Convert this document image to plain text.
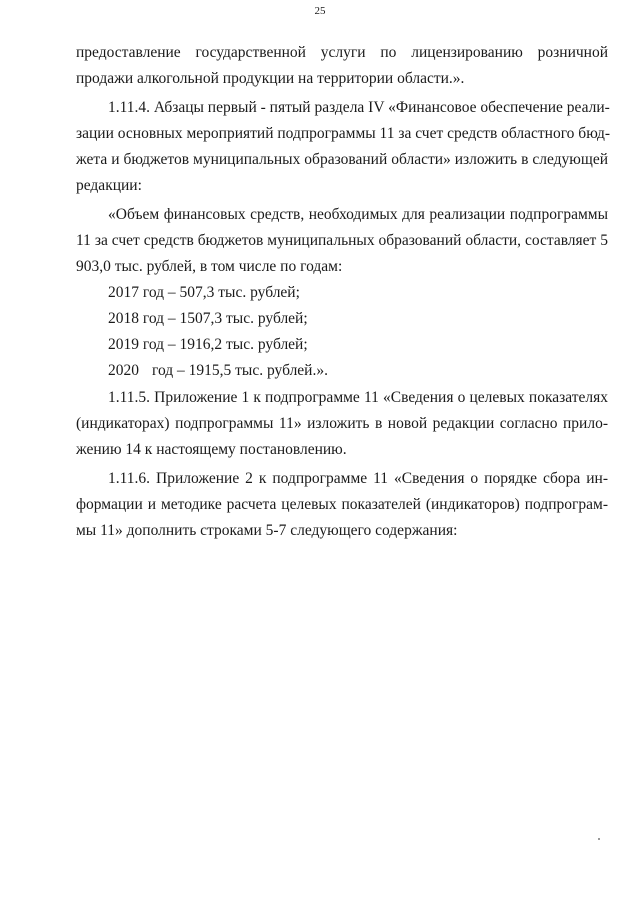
25
предоставление государственной услуги по лицензированию розничной
продажи алкогольной продукции на территории области.».
1.11.4. Абзацы первый - пятый раздела IV «Финансовое обеспечение реали-
зации основных мероприятий подпрограммы 11 за счет средств областного бюд-
жета и бюджетов муниципальных образований области» изложить в следующей
редакции:
«Объем финансовых средств, необходимых для реализации подпрограммы
11 за счет средств бюджетов муниципальных образований области, составляет 5
903,0 тыс. рублей, в том числе по годам:
2017 год – 507,3 тыс. рублей;
2018 год – 1507,3 тыс. рублей;
2019 год – 1916,2 тыс. рублей;
2020 год – 1915,5 тыс. рублей.».
1.11.5. Приложение 1 к подпрограмме 11 «Сведения о целевых показателях
(индикаторах) подпрограммы 11» изложить в новой редакции согласно прило-
жению 14 к настоящему постановлению.
1.11.6. Приложение 2 к подпрограмме 11 «Сведения о порядке сбора ин-
формации и методике расчета целевых показателей (индикаторов) подпрограм-
мы 11» дополнить строками 5-7 следующего содержания:
